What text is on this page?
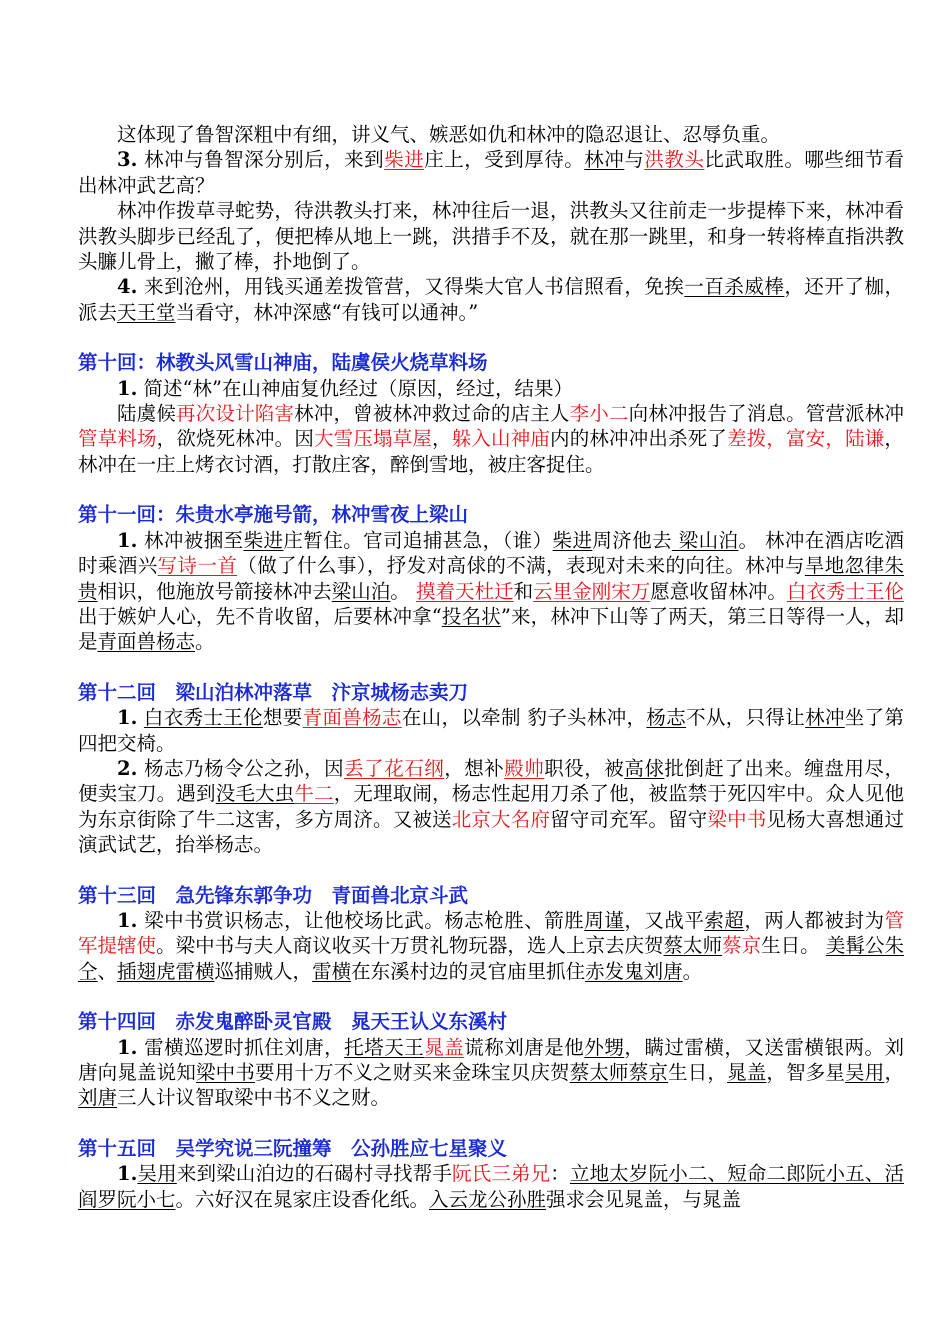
这体现了鲁智深粗中有细，讲义气、嫉恶如仇和林冲的隐忍退让、忍辱负重。

3. 林冲与鲁智深分别后，来到柴进庄上，受到厚待。林冲与洪教头比武取胜。哪些细节看出林冲武艺高？

林冲作拨草寻蛇势，待洪教头打来，林冲往后一退，洪教头又往前走一步提棒下来，林冲看洪教头脚步已经乱了，便把棒从地上一跳，洪措手不及，就在那一跳里，和身一转将棒直指洪教头臁儿骨上，撇了棒，扑地倒了。

4. 来到沧州，用钱买通差拨管营，又得柴大官人书信照看，免挨一百杀威棒，还开了枷，派去天王堂当看守，林冲深感“有钱可以通神。”

第十回：林教头风雪山神庙，陆虞侯火烧草料场

1. 简述“林”在山神庙复仇经过（原因，经过，结果）

陆虞候再次设计陷害林冲，曾被林冲救过命的店主人李小二向林冲报告了消息。管营派林冲管草料场，欲烧死林冲。因大雪压塌草屋，躲入山神庙内的林冲冲出杀死了差拨，富安，陆谦，林冲在一庄上烤衣讨酒，打散庄客，醉倒雪地，被庄客捉住。

第十一回：朱贵水亭施号箭，林冲雪夜上梁山

1. 林冲被捆至柴进庄暂住。官司追捕甚急，（谁）柴进周济他去 梁山泊。 林冲在酒店吃酒时乘酒兴写诗一首（做了什么事），抒发对高俅的不满，表现对未来的向往。林冲与旱地忽律朱贵相识，他施放号箭接林冲去梁山泊。 摸着天杜迁和云里金刚宋万愿意收留林冲。白衣秀士王伦出于嫉妒人心，先不肯收留，后要林冲拿“投名状”来，林冲下山等了两天，第三日等得一人，却是青面兽杨志。

第十二回　梁山泊林冲落草　汴京城杨志卖刀

1. 白衣秀士王伦想要青面兽杨志在山，以牵制 豹子头林冲，杨志不从，只得让林冲坐了第四把交椅。

2. 杨志乃杨令公之孙，因丢了花石纲，想补殿帅职役，被高俅批倒赶了出来。缠盘用尽，便卖宝刀。遇到没毛大虫牛二，无理取闹，杨志性起用刀杀了他，被监禁于死囚牢中。众人见他为东京街除了牛二这害，多方周济。又被送北京大名府留守司充军。留守梁中书见杨大喜想通过演武试艺，抬举杨志。

第十三回　急先锋东郭争功　青面兽北京斗武

1. 梁中书赏识杨志，让他校场比武。杨志枪胜、箭胜周谨，又战平索超，两人都被封为管军提辖使。梁中书与夫人商议收买十万贯礼物玩器，选人上京去庆贺蔡太师蔡京生日。 美髯公朱仝、插翅虎雷横巡捕贼人，雷横在东溪村边的灵官庙里抓住赤发鬼刘唐。

第十四回　赤发鬼醉卧灵官殿　晁天王认义东溪村

1. 雷横巡逻时抓住刘唐，托塔天王晁盖谎称刘唐是他外甥，瞒过雷横，又送雷横银两。刘唐向晁盖说知梁中书要用十万不义之财买来金珠宝贝庆贺蔡太师蔡京生日，晁盖，智多星吴用，刘唐三人计议智取梁中书不义之财。

第十五回　吴学究说三阮撞筹　公孙胜应七星聚义

1.吴用来到梁山泊边的石碣村寻找帮手阮氏三弟兄：立地太岁阮小二、短命二郎阮小五、活阎罗阮小七。六好汉在晁家庄设香化纸。入云龙公孙胜强求会见晁盖，与晁盖
